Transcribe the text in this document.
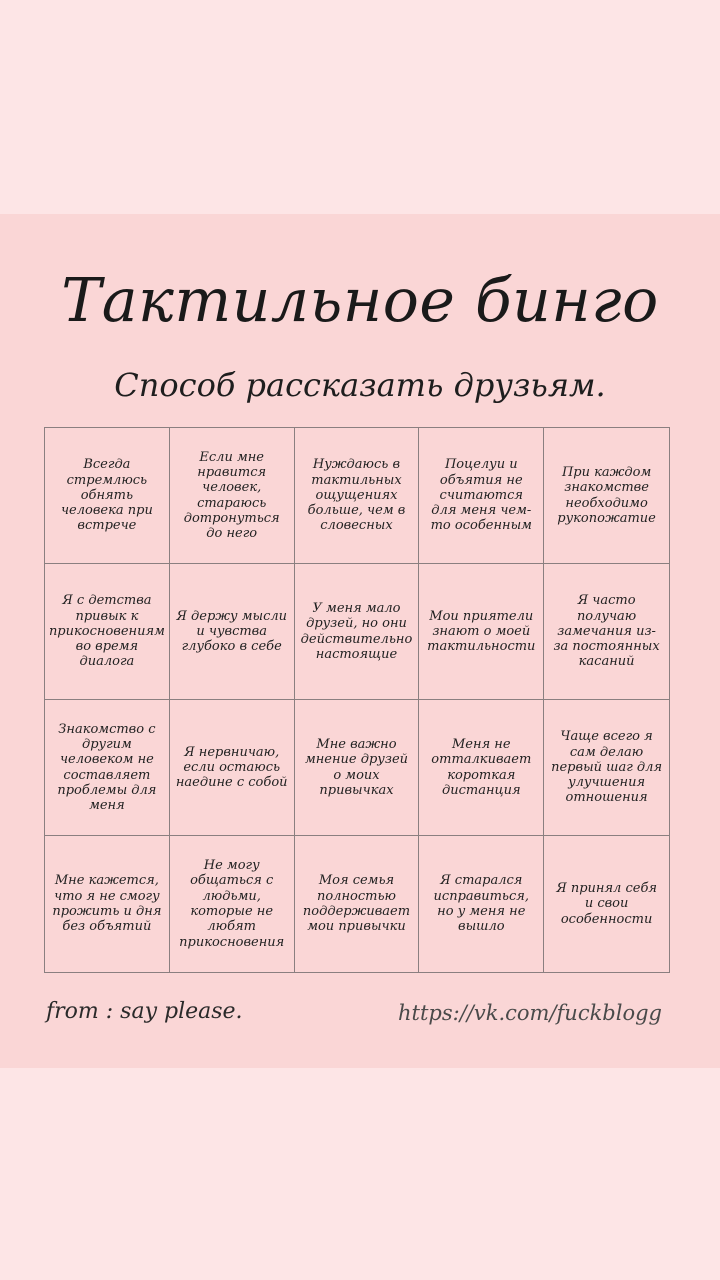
Тактильное бинго
Способ рассказать друзьям.
Всегда стремлюсь обнять человека при встрече
Если мне нравится человек, стараюсь дотронуться до него
Нуждаюсь в тактильных ощущениях больше, чем в словесных
Поцелуи и объятия не считаются для меня чем-то особенным
При каждом знакомстве необходимо рукопожатие
Я с детства привык к прикосновениям во время диалога
Я держу мысли и чувства глубоко в себе
У меня мало друзей, но они действительно настоящие
Мои приятели знают о моей тактильности
Я часто получаю замечания из-за постоянных касаний
Знакомство с другим человеком не составляет проблемы для меня
Я нервничаю, если остаюсь наедине с собой
Мне важно мнение друзей о моих привычках
Меня не отталкивает короткая дистанция
Чаще всего я сам делаю первый шаг для улучшения отношения
Мне кажется, что я не смогу прожить и дня без объятий
Не могу общаться с людьми, которые не любят прикосновения
Моя семья полностью поддерживает мои привычки
Я старался исправиться, но у меня не вышло
Я принял себя и свои особенности
from : say please.	https://vk.com/fuckblogg
